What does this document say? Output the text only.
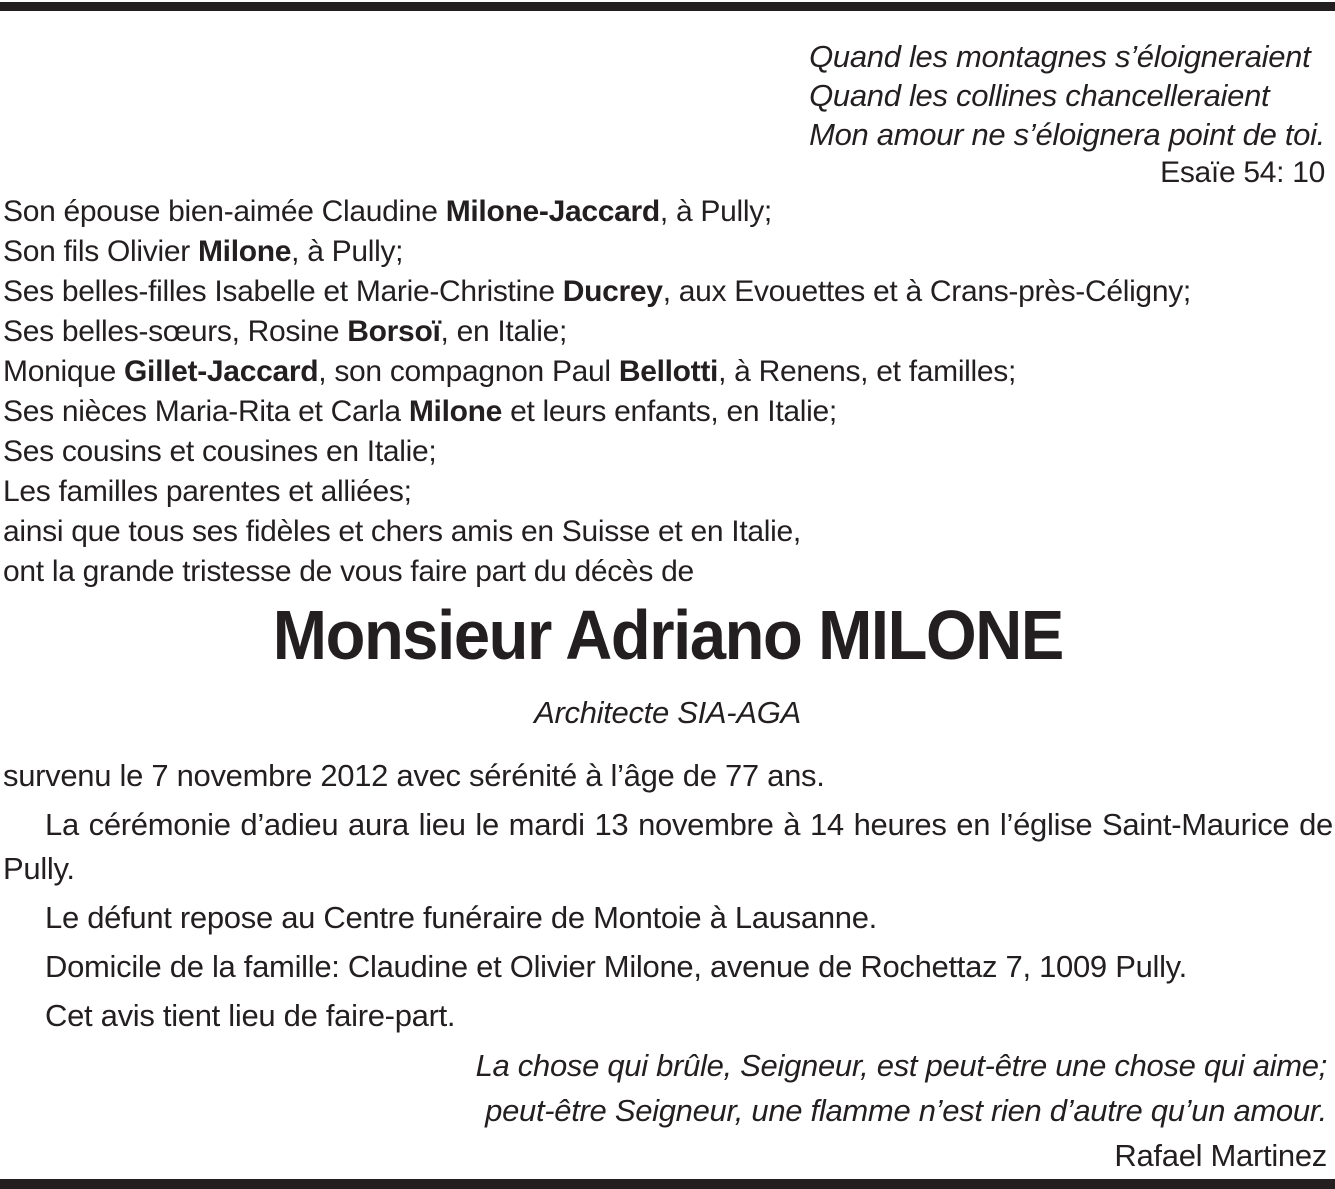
Quand les montagnes s’éloigneraient
Quand les collines chancelleraient
Mon amour ne s’éloignera point de toi.
Esaïe 54: 10
Son épouse bien-aimée Claudine Milone-Jaccard, à Pully;
Son fils Olivier Milone, à Pully;
Ses belles-filles Isabelle et Marie-Christine Ducrey, aux Evouettes et à Crans-près-Céligny;
Ses belles-sœurs, Rosine Borsoï, en Italie;
Monique Gillet-Jaccard, son compagnon Paul Bellotti, à Renens, et familles;
Ses nièces Maria-Rita et Carla Milone et leurs enfants, en Italie;
Ses cousins et cousines en Italie;
Les familles parentes et alliées;
ainsi que tous ses fidèles et chers amis en Suisse et en Italie,
ont la grande tristesse de vous faire part du décès de
Monsieur Adriano MILONE
Architecte SIA-AGA

survenu le 7 novembre 2012 avec sérénité à l’âge de 77 ans.

La cérémonie d’adieu aura lieu le mardi 13 novembre à 14 heures en l’église Saint-Maurice de Pully.

Le défunt repose au Centre funéraire de Montoie à Lausanne.

Domicile de la famille: Claudine et Olivier Milone, avenue de Rochettaz 7, 1009 Pully.

Cet avis tient lieu de faire-part.

La chose qui brûle, Seigneur, est peut-être une chose qui aime;
peut-être Seigneur, une flamme n’est rien d’autre qu’un amour.
Rafael Martinez
